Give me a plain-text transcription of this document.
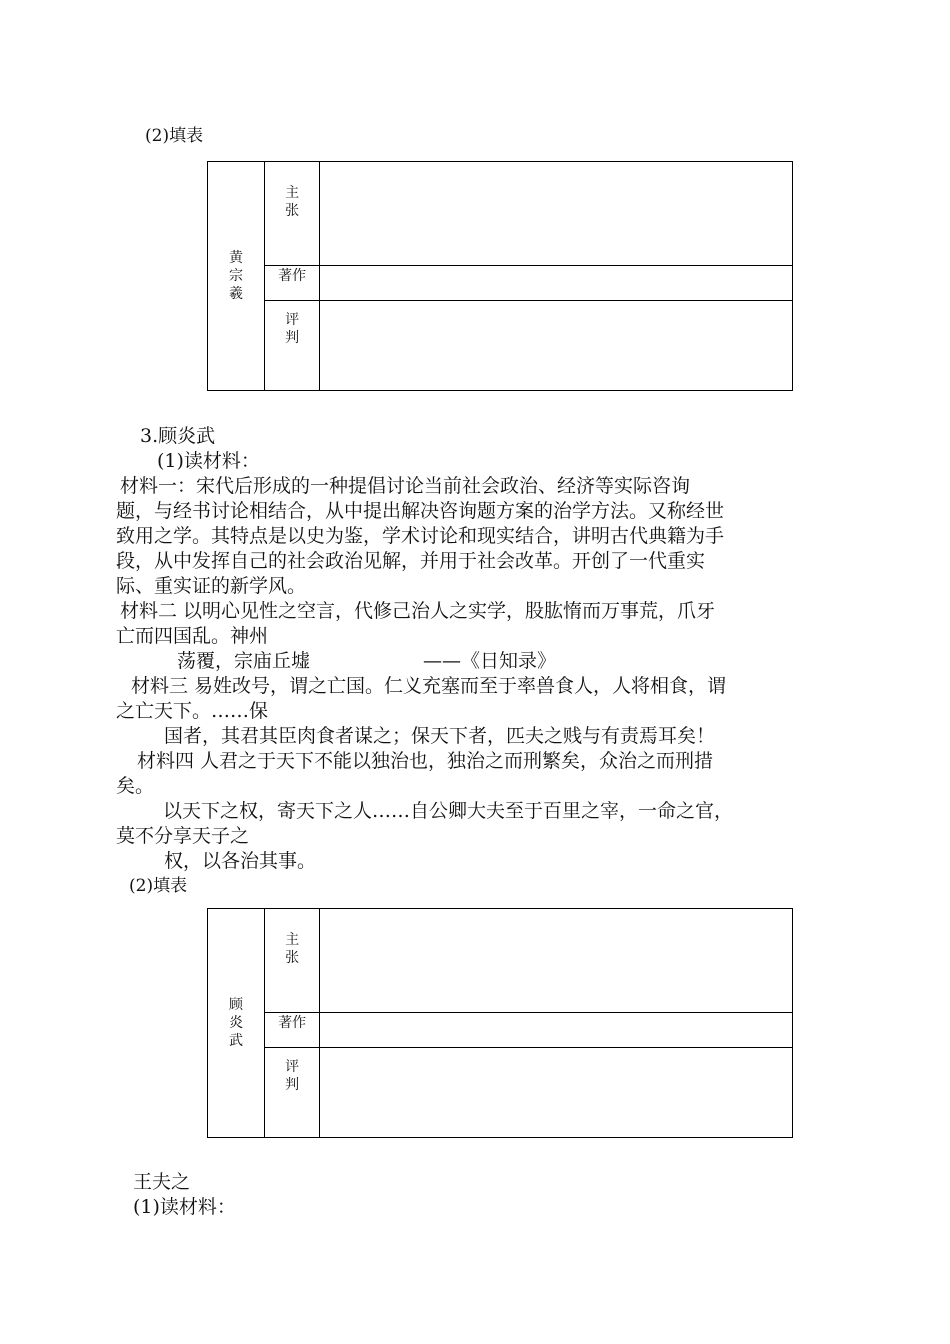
(2)填表
黄宗羲	主张	
	著作	
	评判	
3.顾炎武
(1)读材料：
材料一：宋代后形成的一种提倡讨论当前社会政治、经济等实际咨询
题，与经书讨论相结合，从中提出解决咨询题方案的治学方法。又称经世
致用之学。其特点是以史为鉴，学术讨论和现实结合，讲明古代典籍为手
段，从中发挥自己的社会政治见解，并用于社会改革。开创了一代重实
际、重实证的新学风。
材料二 以明心见性之空言，代修己治人之实学，股肱惰而万事荒，爪牙
亡而四国乱。神州
荡覆，宗庙丘墟	——《日知录》
材料三 易姓改号，谓之亡国。仁义充塞而至于率兽食人，人将相食，谓
之亡天下。……保
国者，其君其臣肉食者谋之；保天下者，匹夫之贱与有责焉耳矣！
材料四 人君之于天下不能以独治也，独治之而刑繁矣，众治之而刑措
矣。
以天下之权，寄天下之人……自公卿大夫至于百里之宰，一命之官，
莫不分享天子之
权，以各治其事。
(2)填表
顾炎武	主张	
	著作	
	评判	
王夫之
(1)读材料：
